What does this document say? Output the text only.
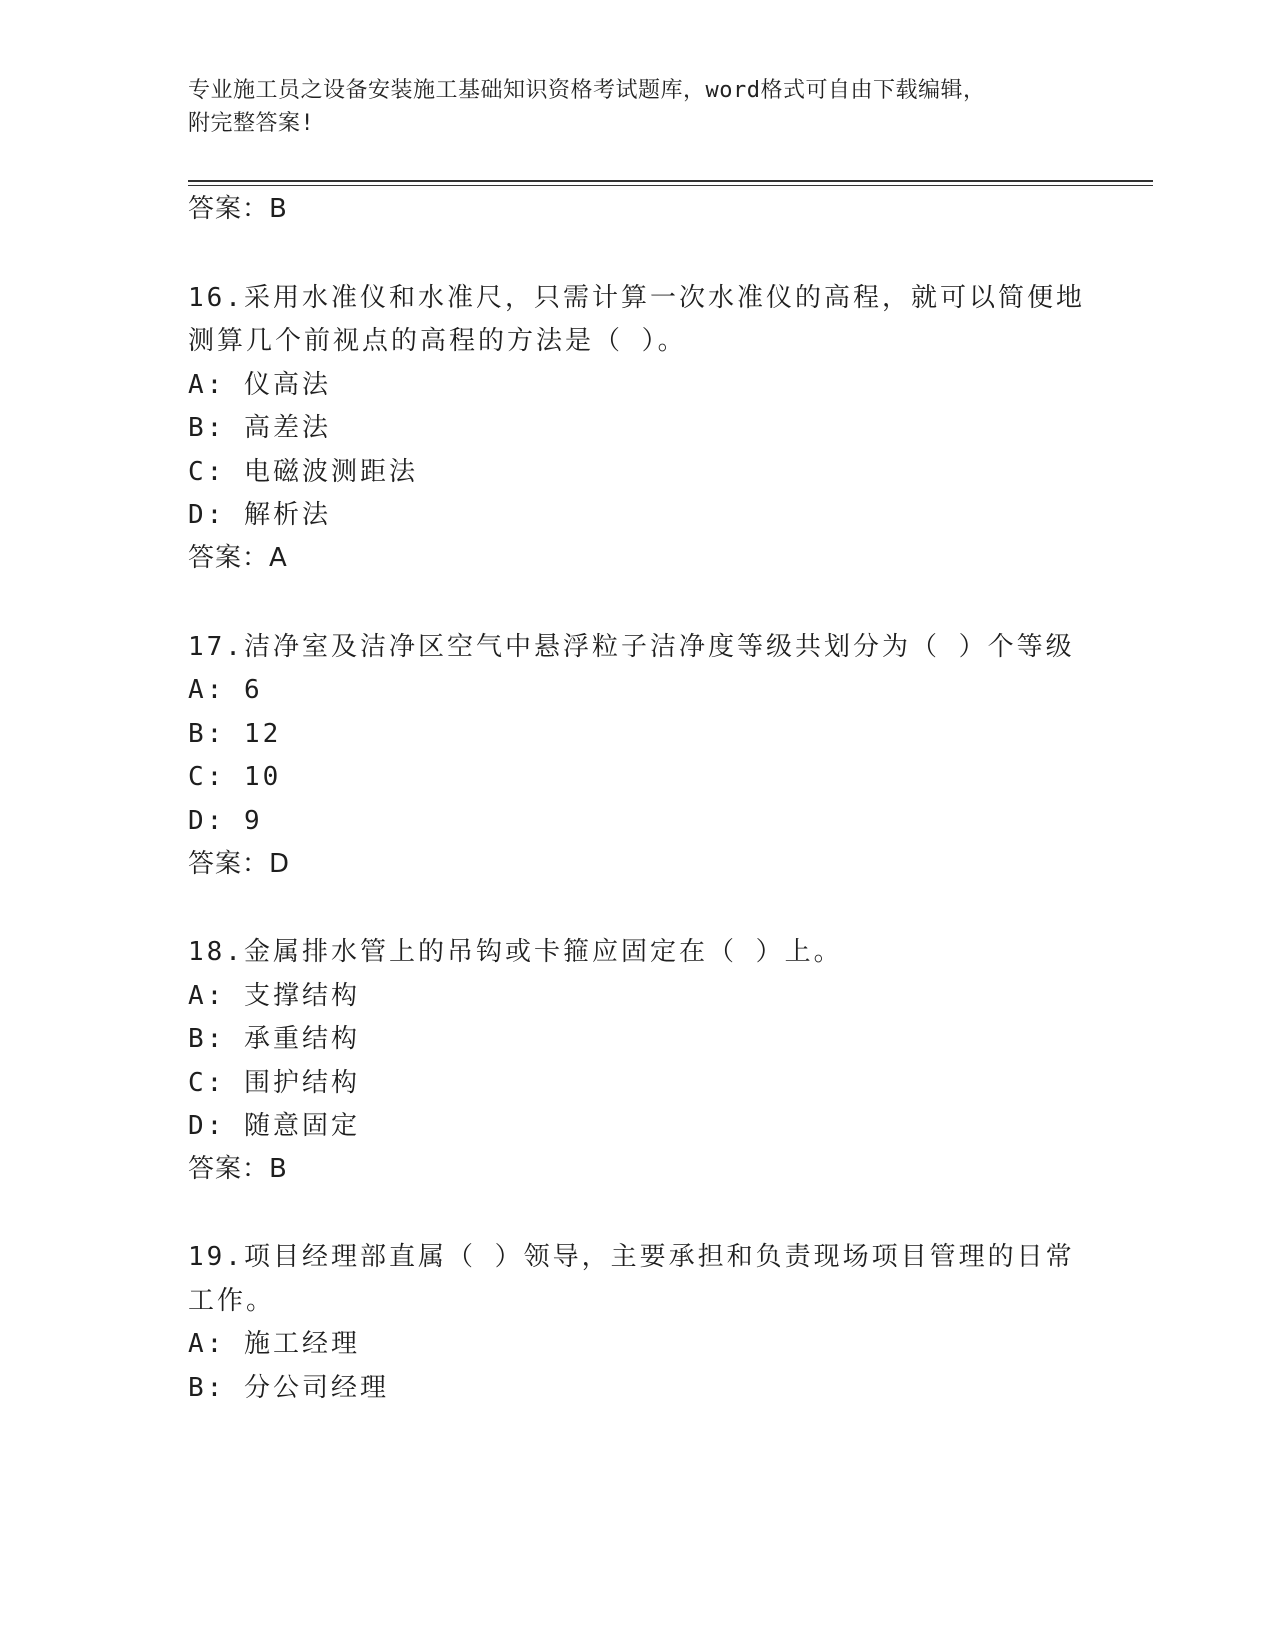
专业施工员之设备安装施工基础知识资格考试题库，word格式可自由下载编辑，
附完整答案!
答案：B
16.采用水准仪和水准尺，只需计算一次水准仪的高程，就可以简便地
测算几个前视点的高程的方法是（ ）。
A: 仪高法
B: 高差法
C: 电磁波测距法
D: 解析法
答案：A
17.洁净室及洁净区空气中悬浮粒子洁净度等级共划分为（ ）个等级
A: 6
B: 12
C: 10
D: 9
答案：D
18.金属排水管上的吊钩或卡箍应固定在（ ）上。
A: 支撑结构
B: 承重结构
C: 围护结构
D: 随意固定
答案：B
19.项目经理部直属（ ）领导，主要承担和负责现场项目管理的日常
工作。
A: 施工经理
B: 分公司经理
